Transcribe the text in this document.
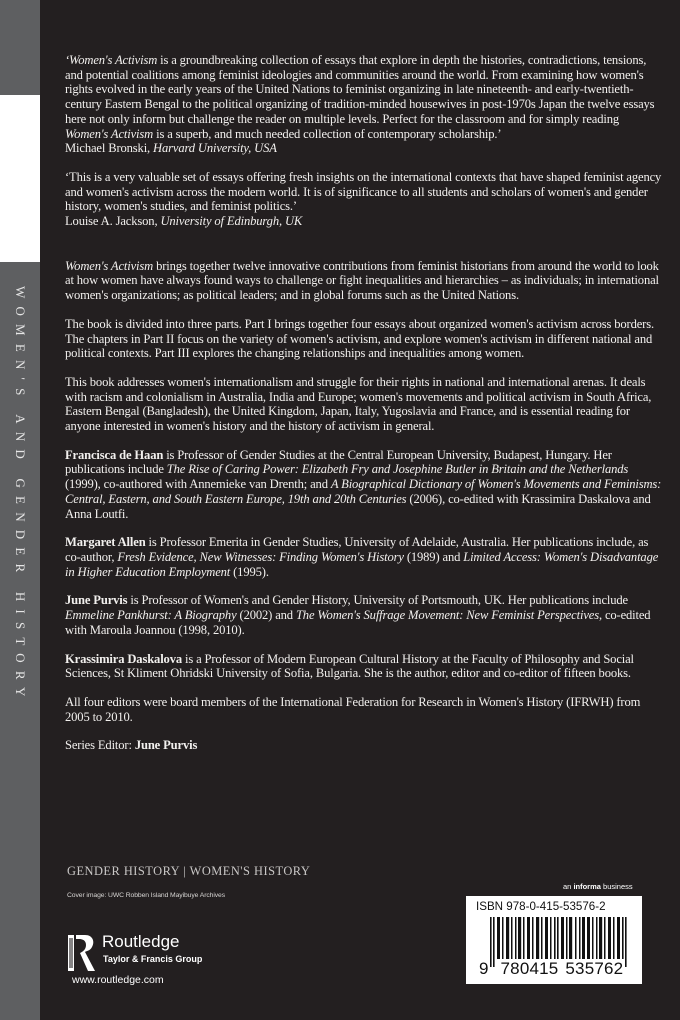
WOMEN'S AND GENDER HISTORY

‘Women's Activism is a groundbreaking collection of essays that explore in depth the histories, contradictions, tensions, and potential coalitions among feminist ideologies and communities around the world. From examining how women's rights evolved in the early years of the United Nations to feminist organizing in late nineteenth- and early-twentieth-century Eastern Bengal to the political organizing of tradition-minded housewives in post-1970s Japan the twelve essays here not only inform but challenge the reader on multiple levels. Perfect for the classroom and for simply reading Women's Activism is a superb, and much needed collection of contemporary scholarship.’
Michael Bronski, Harvard University, USA

‘This is a very valuable set of essays offering fresh insights on the international contexts that have shaped feminist agency and women's activism across the modern world. It is of significance to all students and scholars of women's and gender history, women's studies, and feminist politics.’
Louise A. Jackson, University of Edinburgh, UK

Women's Activism brings together twelve innovative contributions from feminist historians from around the world to look at how women have always found ways to challenge or fight inequalities and hierarchies – as individuals; in international women's organizations; as political leaders; and in global forums such as the United Nations.

The book is divided into three parts. Part I brings together four essays about organized women's activism across borders. The chapters in Part II focus on the variety of women's activism, and explore women's activism in different national and political contexts. Part III explores the changing relationships and inequalities among women.

This book addresses women's internationalism and struggle for their rights in national and international arenas. It deals with racism and colonialism in Australia, India and Europe; women's movements and political activism in South Africa, Eastern Bengal (Bangladesh), the United Kingdom, Japan, Italy, Yugoslavia and France, and is essential reading for anyone interested in women's history and the history of activism in general.

Francisca de Haan is Professor of Gender Studies at the Central European University, Budapest, Hungary. Her publications include The Rise of Caring Power: Elizabeth Fry and Josephine Butler in Britain and the Netherlands (1999), co-authored with Annemieke van Drenth; and A Biographical Dictionary of Women's Movements and Feminisms: Central, Eastern, and South Eastern Europe, 19th and 20th Centuries (2006), co-edited with Krassimira Daskalova and Anna Loutfi.

Margaret Allen is Professor Emerita in Gender Studies, University of Adelaide, Australia. Her publications include, as co-author, Fresh Evidence, New Witnesses: Finding Women's History (1989) and Limited Access: Women's Disadvantage in Higher Education Employment (1995).

June Purvis is Professor of Women's and Gender History, University of Portsmouth, UK. Her publications include Emmeline Pankhurst: A Biography (2002) and The Women's Suffrage Movement: New Feminist Perspectives, co-edited with Maroula Joannou (1998, 2010).

Krassimira Daskalova is a Professor of Modern European Cultural History at the Faculty of Philosophy and Social Sciences, St Kliment Ohridski University of Sofia, Bulgaria. She is the author, editor and co-editor of fifteen books.

All four editors were board members of the International Federation for Research in Women's History (IFRWH) from 2005 to 2010.

Series Editor: June Purvis

GENDER HISTORY | WOMEN'S HISTORY
Cover image: UWC Robben Island Mayibuye Archives
Routledge
Taylor & Francis Group
www.routledge.com
an informa business
ISBN 978-0-415-53576-2
9 780415 535762
